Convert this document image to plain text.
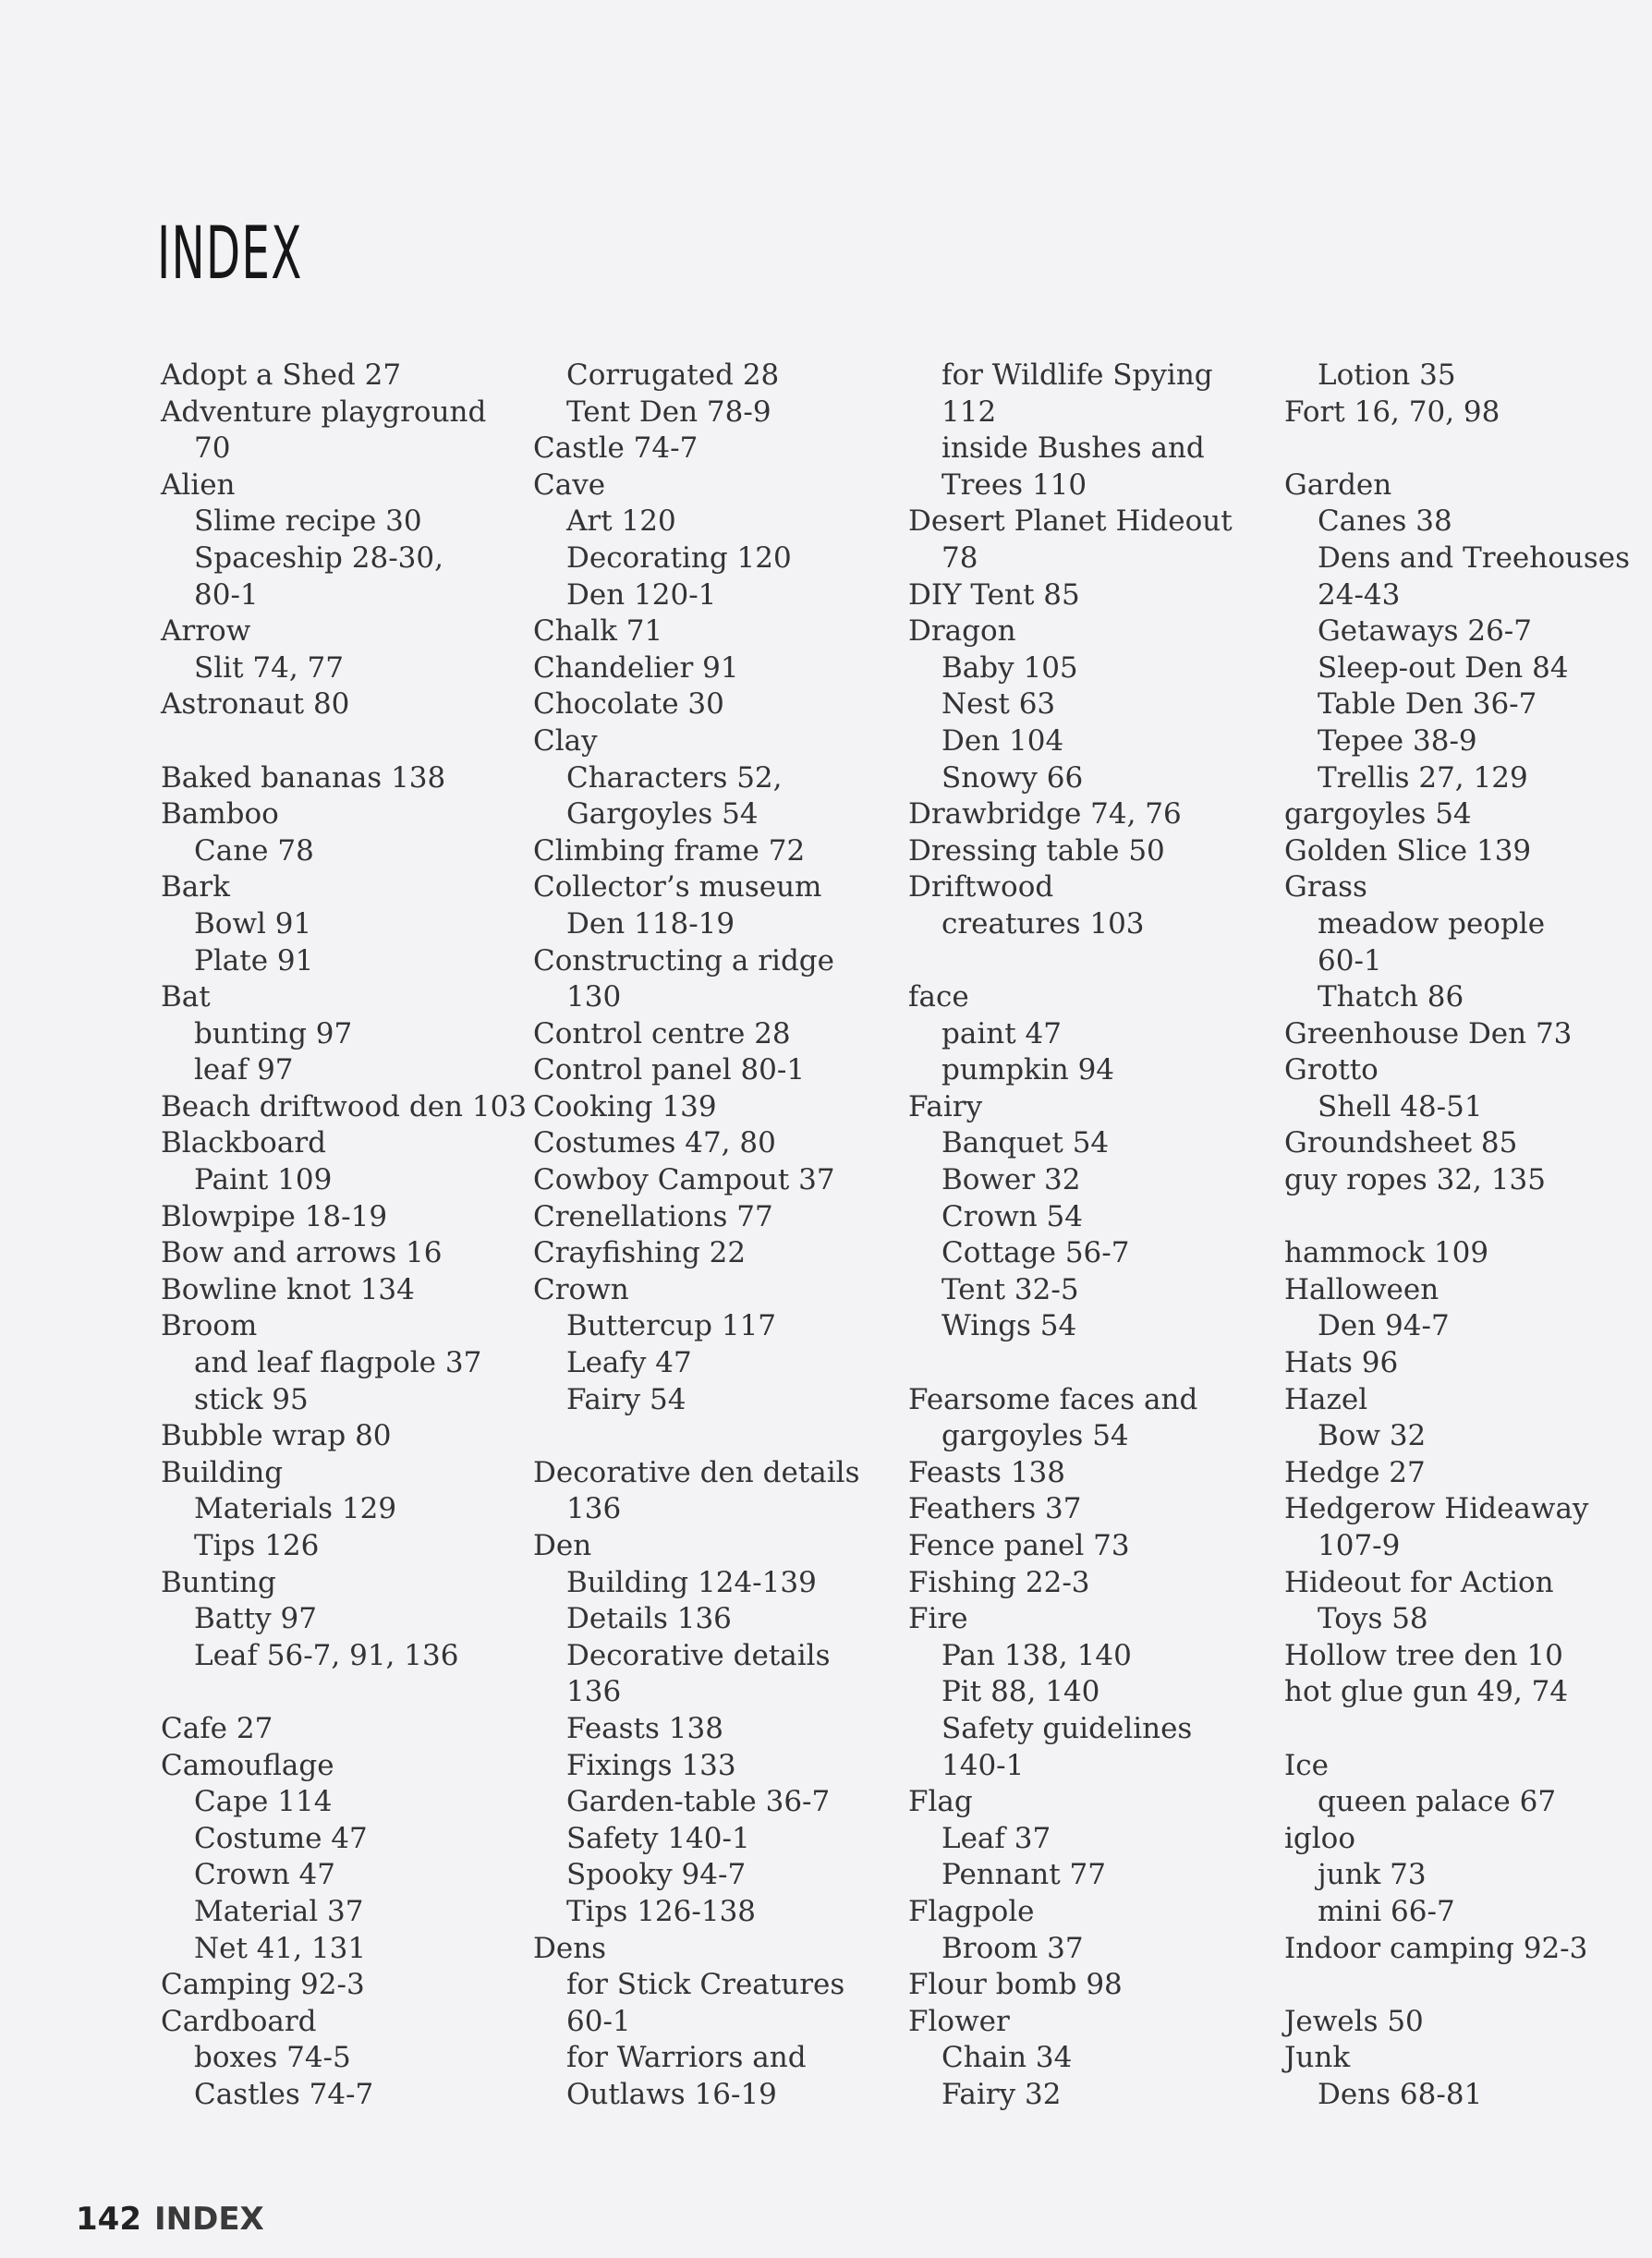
INDEX
Adopt a Shed 27
Adventure playground
70
Alien
Slime recipe 30
Spaceship 28-30,
80-1
Arrow
Slit 74, 77
Astronaut 80
Baked bananas 138
Bamboo
Cane 78
Bark
Bowl 91
Plate 91
Bat
bunting 97
leaf 97
Beach driftwood den 103
Blackboard
Paint 109
Blowpipe 18-19
Bow and arrows 16
Bowline knot 134
Broom
and leaf flagpole 37
stick 95
Bubble wrap 80
Building
Materials 129
Tips 126
Bunting
Batty 97
Leaf 56-7, 91, 136
Cafe 27
Camouflage
Cape 114
Costume 47
Crown 47
Material 37
Net 41, 131
Camping 92-3
Cardboard
boxes 74-5
Castles 74-7
Corrugated 28
Tent Den 78-9
Castle 74-7
Cave
Art 120
Decorating 120
Den 120-1
Chalk 71
Chandelier 91
Chocolate 30
Clay
Characters 52,
Gargoyles 54
Climbing frame 72
Collector’s museum
Den 118-19
Constructing a ridge
130
Control centre 28
Control panel 80-1
Cooking 139
Costumes 47, 80
Cowboy Campout 37
Crenellations 77
Crayfishing 22
Crown
Buttercup 117
Leafy 47
Fairy 54
Decorative den details
136
Den
Building 124-139
Details 136
Decorative details
136
Feasts 138
Fixings 133
Garden-table 36-7
Safety 140-1
Spooky 94-7
Tips 126-138
Dens
for Stick Creatures
60-1
for Warriors and
Outlaws 16-19
for Wildlife Spying
112
inside Bushes and
Trees 110
Desert Planet Hideout
78
DIY Tent 85
Dragon
Baby 105
Nest 63
Den 104
Snowy 66
Drawbridge 74, 76
Dressing table 50
Driftwood
creatures 103
face
paint 47
pumpkin 94
Fairy
Banquet 54
Bower 32
Crown 54
Cottage 56-7
Tent 32-5
Wings 54
Fearsome faces and
gargoyles 54
Feasts 138
Feathers 37
Fence panel 73
Fishing 22-3
Fire
Pan 138, 140
Pit 88, 140
Safety guidelines
140-1
Flag
Leaf 37
Pennant 77
Flagpole
Broom 37
Flour bomb 98
Flower
Chain 34
Fairy 32
Lotion 35
Fort 16, 70, 98
Garden
Canes 38
Dens and Treehouses
24-43
Getaways 26-7
Sleep-out Den 84
Table Den 36-7
Tepee 38-9
Trellis 27, 129
gargoyles 54
Golden Slice 139
Grass
meadow people
60-1
Thatch 86
Greenhouse Den 73
Grotto
Shell 48-51
Groundsheet 85
guy ropes 32, 135
hammock 109
Halloween
Den 94-7
Hats 96
Hazel
Bow 32
Hedge 27
Hedgerow Hideaway
107-9
Hideout for Action
Toys 58
Hollow tree den 10
hot glue gun 49, 74
Ice
queen palace 67
igloo
junk 73
mini 66-7
Indoor camping 92-3
Jewels 50
Junk
Dens 68-81
142 INDEX
